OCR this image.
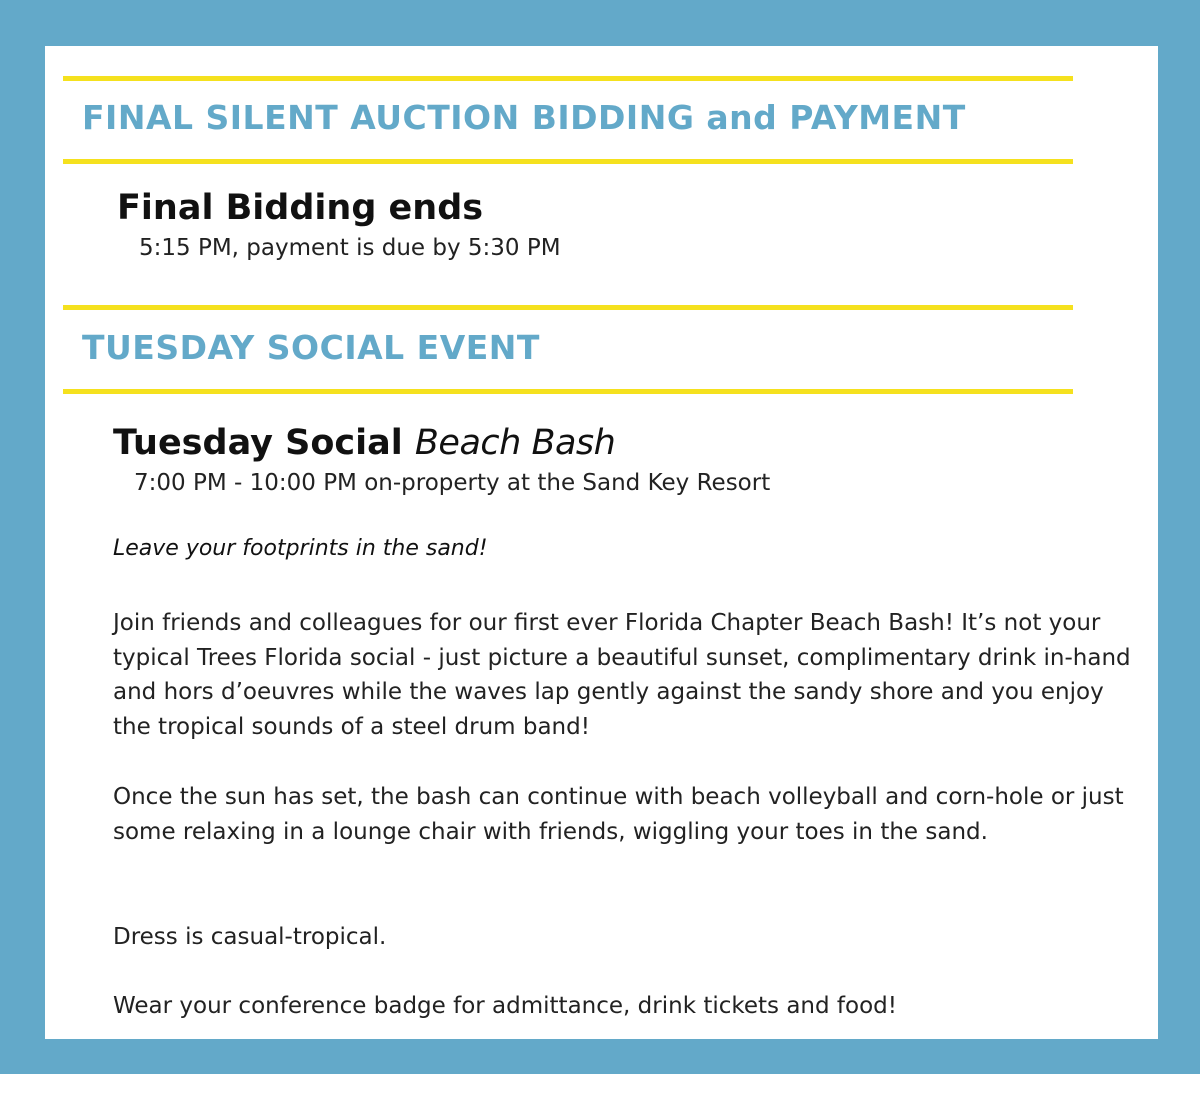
FINAL SILENT AUCTION BIDDING and PAYMENT
Final Bidding ends

5:15 PM, payment is due by 5:30 PM

TUESDAY SOCIAL EVENT
Tuesday Social Beach Bash

7:00 PM - 10:00 PM on-property at the Sand Key Resort

Leave your footprints in the sand!

Join friends and colleagues for our first ever Florida Chapter Beach Bash! It’s not your typical Trees Florida social - just picture a beautiful sunset, complimentary drink in-hand and hors d’oeuvres while the waves lap gently against the sandy shore and you enjoy the tropical sounds of a steel drum band!

Once the sun has set, the bash can continue with beach volleyball and corn-hole or just some relaxing in a lounge chair with friends, wiggling your toes in the sand.

Dress is casual-tropical.

Wear your conference badge for admittance, drink tickets and food!
